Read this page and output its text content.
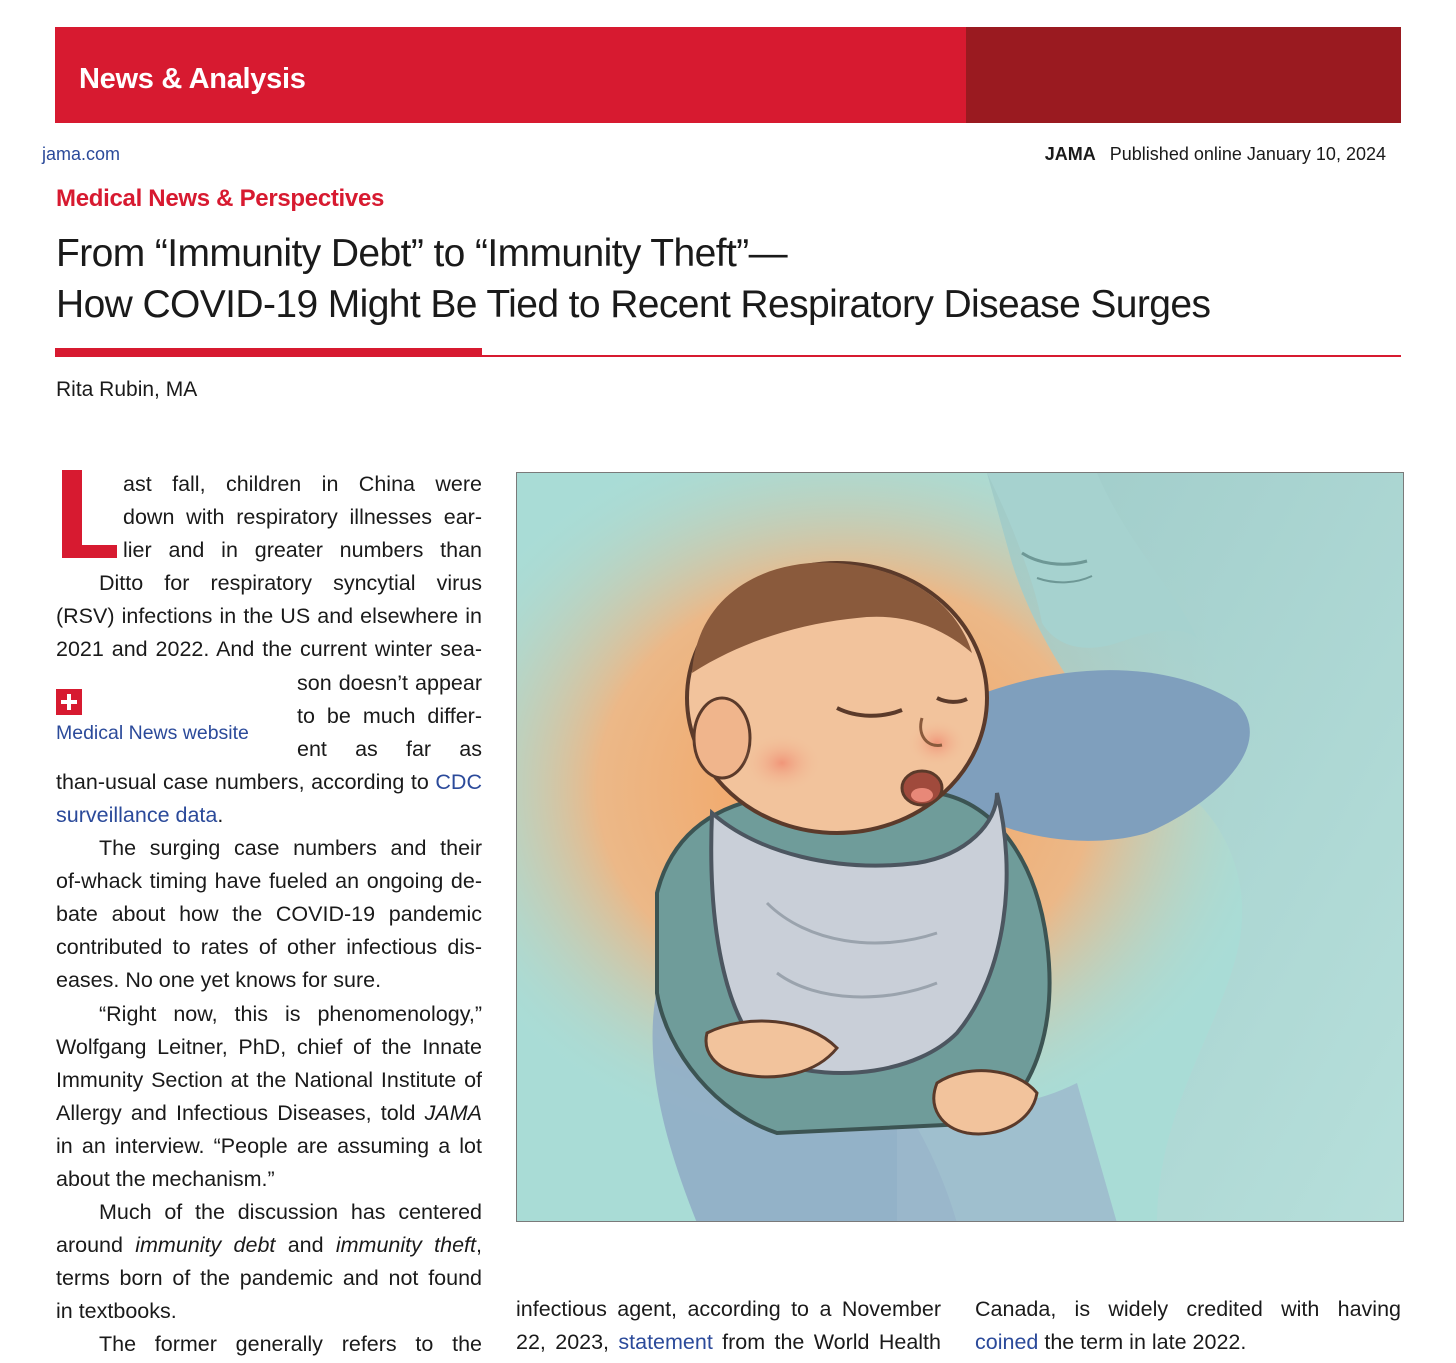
News & Analysis
jama.com	JAMA Published online January 10, 2024
Medical News & Perspectives
From “Immunity Debt” to “Immunity Theft”—
How COVID-19 Might Be Tied to Recent Respiratory Disease Surges
Rita Rubin, MA
Medical News website
ast fall, children in China were
down with respiratory illnesses ear-
lier and in greater numbers than
Ditto for respiratory syncytial virus
(RSV) infections in the US and elsewhere in
2021 and 2022. And the current winter sea-
son doesn’t appear
to be much differ-
ent as far as
than-usual case numbers, according to CDC
surveillance data.
The surging case numbers and their
of-whack timing have fueled an ongoing de-
bate about how the COVID-19 pandemic
contributed to rates of other infectious dis-
eases. No one yet knows for sure.
“Right now, this is phenomenology,”
Wolfgang Leitner, PhD, chief of the Innate
Immunity Section at the National Institute of
Allergy and Infectious Diseases, told JAMA
in an interview. “People are assuming a lot
about the mechanism.”
Much of the discussion has centered
around immunity debt and immunity theft,
terms born of the pandemic and not found
in textbooks.
The former generally refers to the
infectious agent, according to a November
22, 2023, statement from the World Health
Canada, is widely credited with having
coined the term in late 2022.
